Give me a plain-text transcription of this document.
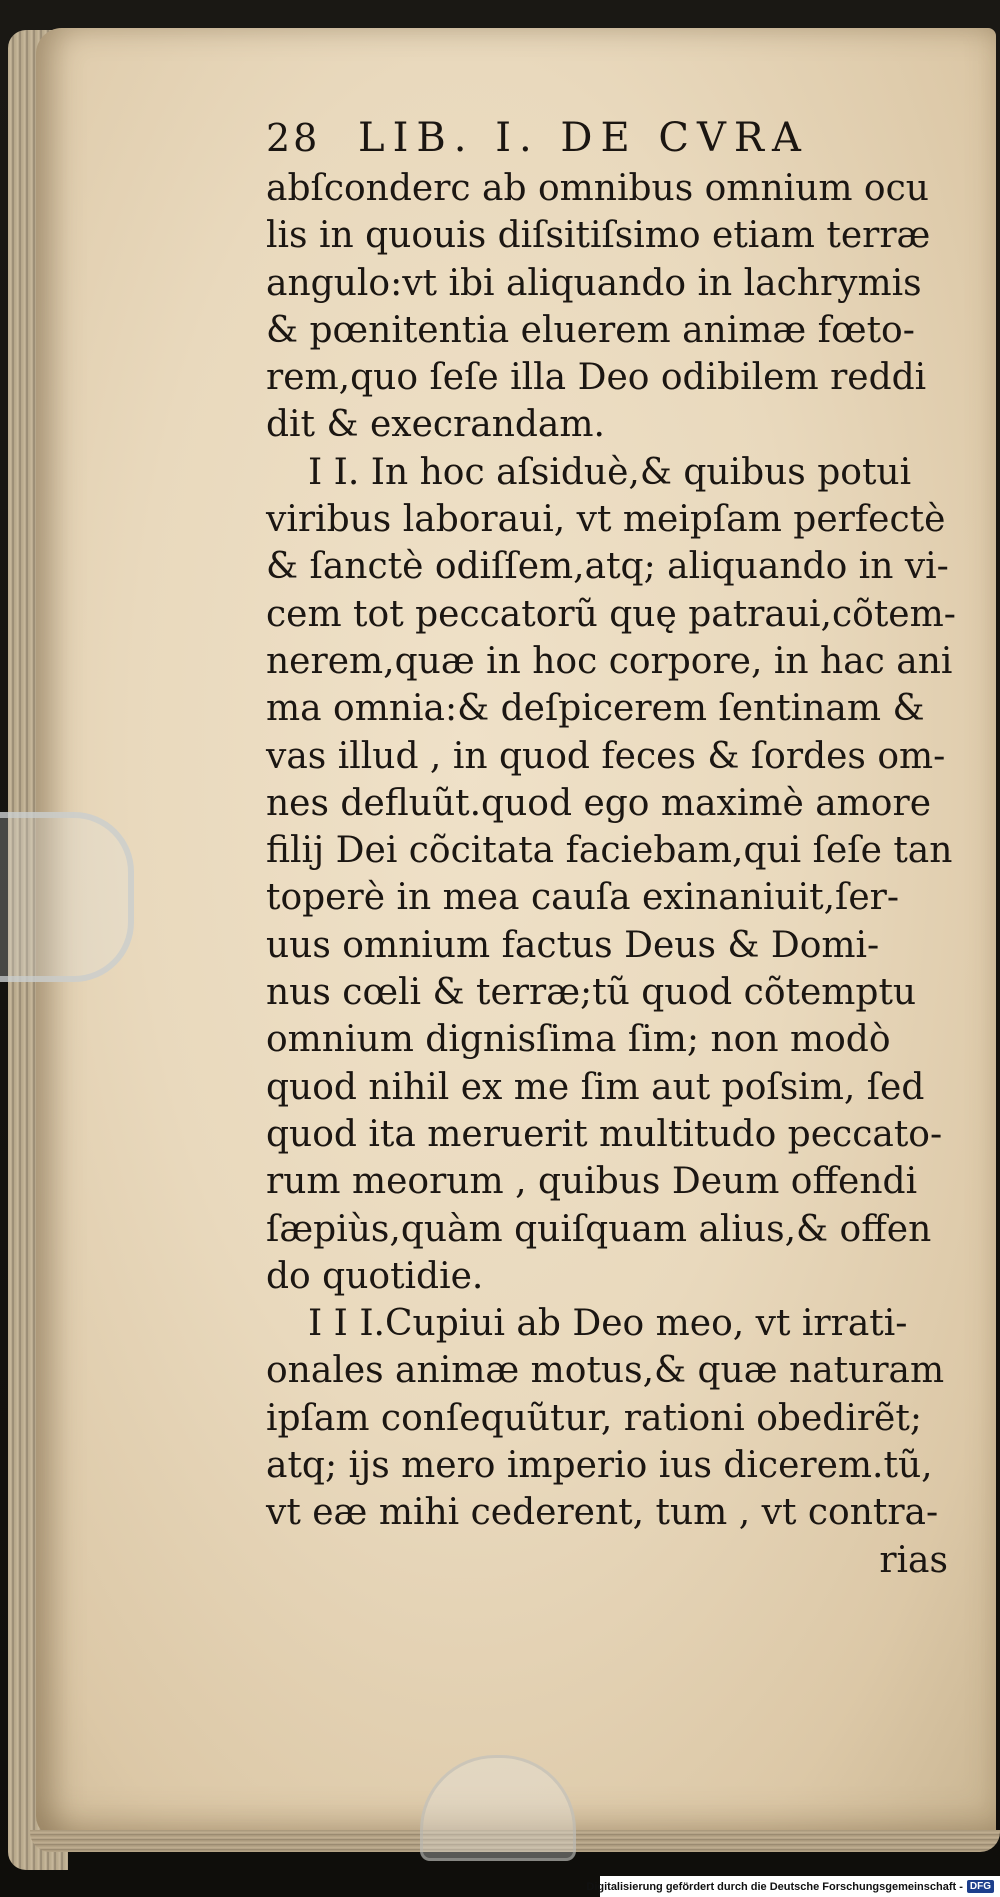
28 LIB. I. DE CVRA
abſconderc ab omnibus omnium ocu
lis in quouis diſsitiſsimo etiam terræ
angulo:vt ibi aliquando in lachrymis
& pœnitentia eluerem animæ fœto-
rem,quo ſeſe illa Deo odibilem reddi
dit & execrandam.
I I. In hoc aſsiduè,& quibus potui
viribus laboraui, vt meipſam perfectè
& ſanctè odiſſem,atq; aliquando in vi-
cem tot peccatorũ quę patraui,cõtem-
nerem,quæ in hoc corpore, in hac ani
ma omnia:& deſpicerem ſentinam &
vas illud , in quod feces & ſordes om-
nes defluũt.quod ego maximè amore
filij Dei cõcitata faciebam,qui ſeſe tan
toperè in mea cauſa exinaniuit,ſer-
uus omnium factus Deus & Domi-
nus cœli & terræ;tũ quod cõtemptu
omnium dignisſima ſim; non modò
quod nihil ex me ſim aut poſsim, ſed
quod ita meruerit multitudo peccato-
rum meorum , quibus Deum offendi
ſæpiùs,quàm quiſquam alius,& offen
do quotidie.
I I I.Cupiui ab Deo meo, vt irrati-
onales animæ motus,& quæ naturam
ipſam conſequũtur, rationi obedirẽt;
atq; ijs mero imperio ius dicerem.tũ,
vt eæ mihi cederent, tum , vt contra-
rias
Digitalisierung gefördert durch die Deutsche Forschungsgemeinschaft - DFG
